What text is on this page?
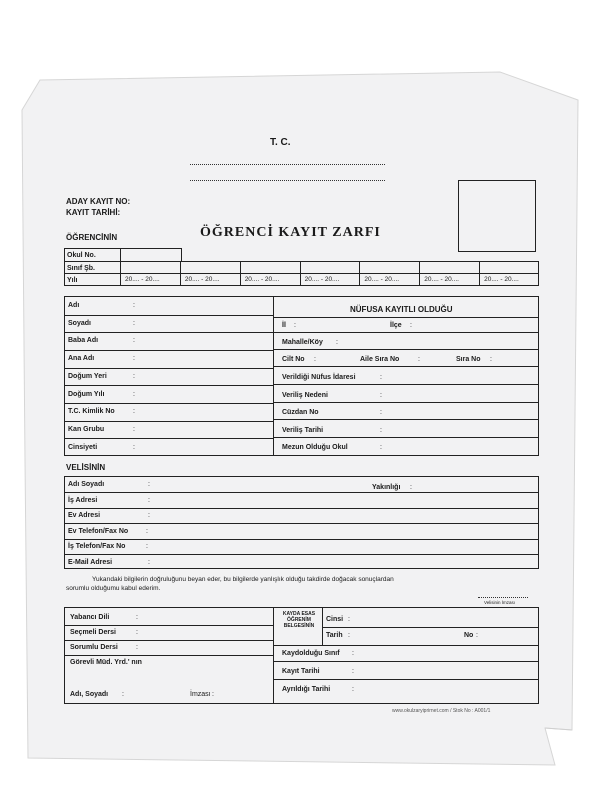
T. C.
ADAY KAYIT NO:
KAYIT TARİHİ:
ÖĞRENCİ KAYIT ZARFI
ÖĞRENCİNİN
Okul No.
Sınıf Şb.
Yılı	20.... - 20....	20.... - 20....	20.... - 20....	20.... - 20....	20.... - 20....	20.... - 20....	20.... - 20....
Adı	:
Soyadı	:
Baba Adı	:
Ana Adı	:
Doğum Yeri	:
Doğum Yılı	:
T.C. Kimlik No	:
Kan Grubu	:
Cinsiyeti	:
NÜFUSA KAYITLI OLDUĞU
İl :	İlçe :
Mahalle/Köy :
Cilt No :	Aile Sıra No	:	Sıra No :
Verildiği Nüfus İdaresi	:
Veriliş Nedeni	:
Cüzdan No	:
Veriliş Tarihi	:
Mezun Olduğu Okul	:
VELİSİNİN
Adı Soyadı	:
İş Adresi	:
Ev Adresi	:
Ev Telefon/Fax No	:
İş Telefon/Fax No	:
E-Mail Adresi	:
Yakınlığı :
Yukarıdaki bilgilerin doğruluğunu beyan eder, bu bilgilerde yanlışlık olduğu takdirde doğacak sonuçlardan
sorumlu olduğumu kabul ederim.
Velisinin İmzası
Yabancı Dili	:
Seçmeli Dersi	:
Sorumlu Dersi	:
Görevli Müd. Yrd.' nın
Adı, Soyadı :	İmzası :
KAYDA ESAS ÖĞRENİM BELGESİNİN
Cinsi :
Tarih :	No :
Kaydolduğu Sınıf :
Kayıt Tarihi	:
Ayrıldığı Tarihi	:
www.okulzaryiprirnet.com / Stok No : A001/1
